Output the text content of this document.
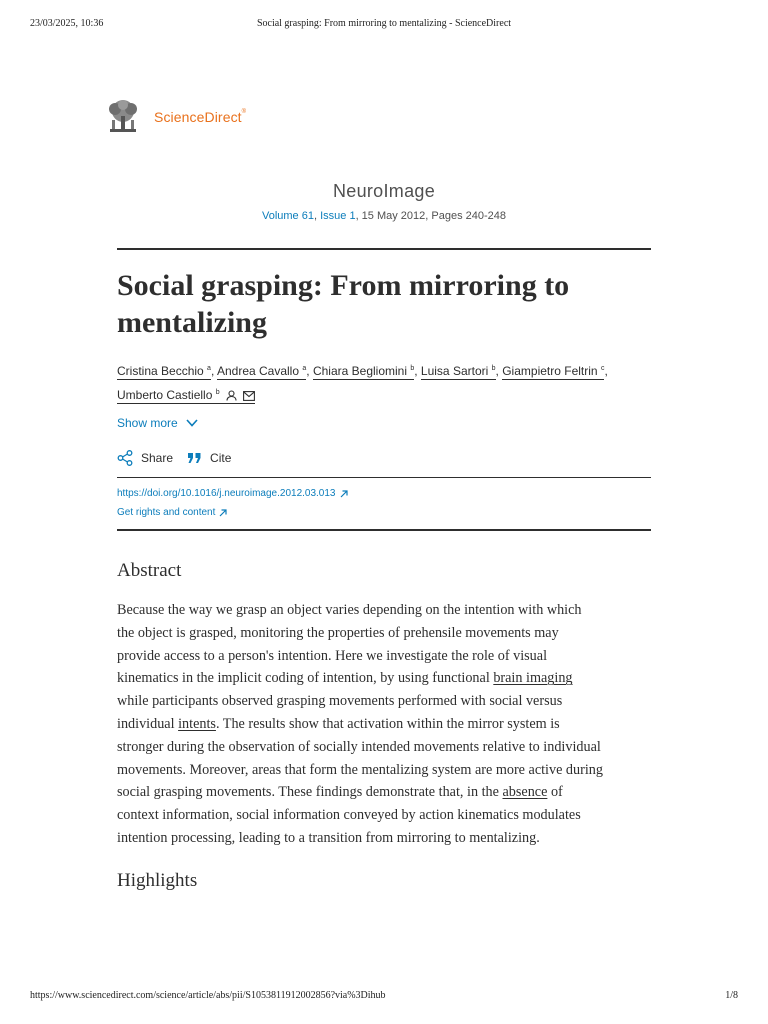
23/03/2025, 10:36	Social grasping: From mirroring to mentalizing - ScienceDirect
ScienceDirect®
NeuroImage
Volume 61, Issue 1, 15 May 2012, Pages 240-248
Social grasping: From mirroring to
mentalizing
Cristina Becchio $^a$, Andrea Cavallo $^a$, Chiara Begliomini $^b$, Luisa Sartori $^b$, Giampietro Feltrin $^c$,
Umberto Castiello $^b$
Show more
Share	Cite
https://doi.org/10.1016/j.neuroimage.2012.03.013
Get rights and content
Abstract
Because the way we grasp an object varies depending on the intention with which
the object is grasped, monitoring the properties of prehensile movements may
provide access to a person's intention. Here we investigate the role of visual
kinematics in the implicit coding of intention, by using functional brain imaging
while participants observed grasping movements performed with social versus
individual intents. The results show that activation within the mirror system is
stronger during the observation of socially intended movements relative to individual
movements. Moreover, areas that form the mentalizing system are more active during
social grasping movements. These findings demonstrate that, in the absence of
context information, social information conveyed by action kinematics modulates
intention processing, leading to a transition from mirroring to mentalizing.
Highlights
https://www.sciencedirect.com/science/article/abs/pii/S1053811912002856?via%3Dihub	1/8
